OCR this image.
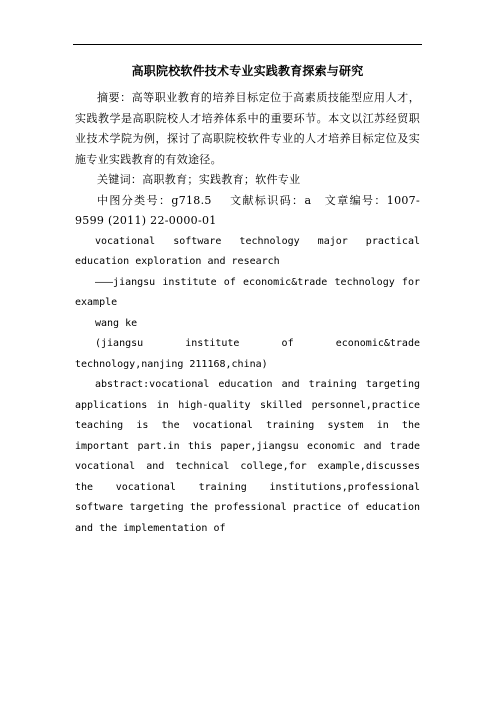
高职院校软件技术专业实践教育探索与研究

摘要：高等职业教育的培养目标定位于高素质技能型应用人才，实践教学是高职院校人才培养体系中的重要环节。本文以江苏经贸职业技术学院为例，探讨了高职院校软件专业的人才培养目标定位及实施专业实践教育的有效途径。

关键词：高职教育；实践教育；软件专业

中图分类号：g718.5　 文献标识码：a　文章编号：1007-9599 (2011) 22-0000-01

vocational software technology major practical education exploration and research

———jiangsu institute of economic&trade technology for example

wang ke

(jiangsu institute of economic&trade technology,nanjing 211168,china)

abstract:vocational education and training targeting applications in high-quality skilled personnel,practice teaching is the vocational training system in the important part.in this paper,jiangsu economic and trade vocational and technical college,for example,discusses the vocational training institutions,professional software targeting the professional practice of education and the implementation of
